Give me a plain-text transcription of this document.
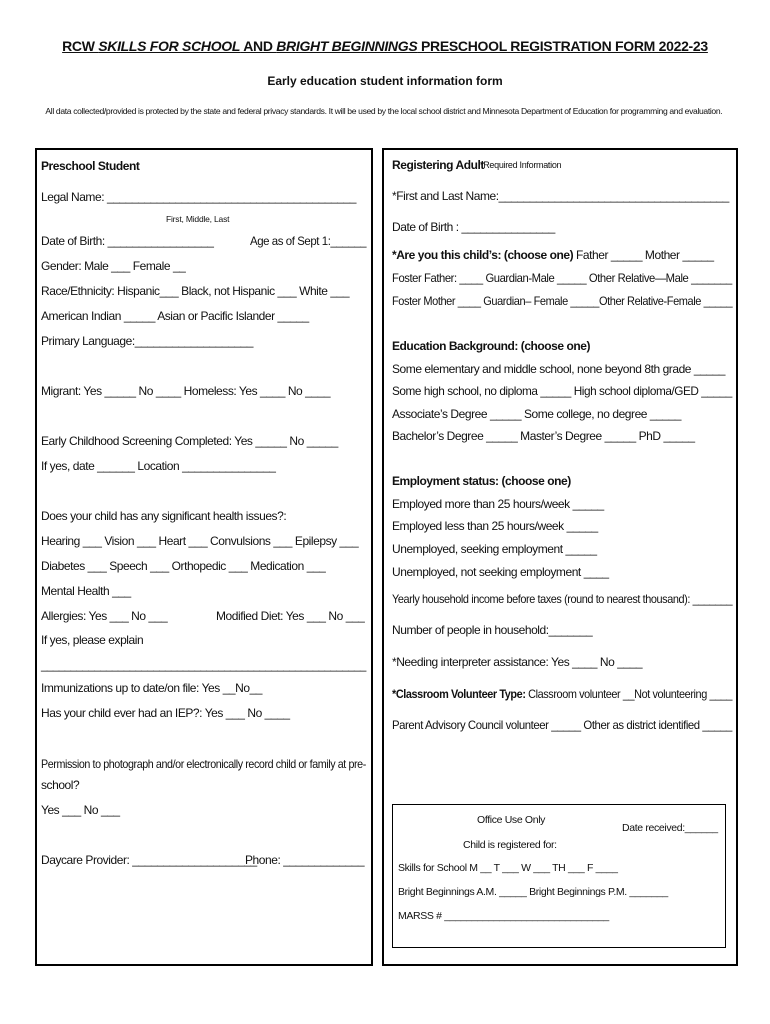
RCW SKILLS FOR SCHOOL AND BRIGHT BEGINNINGS PRESCHOOL REGISTRATION FORM 2022-23
Early education student information form
All data collected/provided is protected by the state and federal privacy standards. It will be used by the local school district and Minnesota Department of Education for programming and evaluation.
Preschool Student
Legal Name: ________________________________________
First, Middle, Last
Date of Birth: _________________	Age as of Sept 1:______
Gender: Male ___ Female __
Race/Ethnicity: Hispanic___ Black, not Hispanic ___ White ___
American Indian _____ Asian or Pacific Islander _____
Primary Language:___________________
Migrant: Yes _____ No ____ Homeless: Yes ____ No ____
Early Childhood Screening Completed: Yes _____ No _____
If yes, date ______ Location _______________
Does your child has any significant health issues?:
Hearing ___ Vision ___ Heart ___ Convulsions ___ Epilepsy ___
Diabetes ___ Speech ___ Orthopedic ___ Medication ___
Mental Health ___
Allergies: Yes ___ No ___	Modified Diet: Yes ___ No ___
If yes, please explain
_______________________________________________________
Immunizations up to date/on file: Yes __No__
Has your child ever had an IEP?: Yes ___ No ____
Permission to photograph and/or electronically record child or family at pre-
school?
Yes ___ No ___
Daycare Provider: ____________________
Phone: _____________
Registering Adult
*Required Information
*First and Last Name:_____________________________________
Date of Birth : _______________
*Are you this child’s: (choose one) Father _____ Mother _____
Foster Father: ____ Guardian-Male _____ Other Relative—Male _______
Foster Mother ____ Guardian– Female _____Other Relative-Female _____
Education Background: (choose one)
Some elementary and middle school, none beyond 8th grade _____
Some high school, no diploma _____ High school diploma/GED _____
Associate’s Degree _____ Some college, no degree _____
Bachelor’s Degree _____ Master’s Degree _____ PhD _____
Employment status: (choose one)
Employed more than 25 hours/week _____
Employed less than 25 hours/week _____
Unemployed, seeking employment _____
Unemployed, not seeking employment ____
Yearly household income before taxes (round to nearest thousand): _______
Number of people in household:_______
*Needing interpreter assistance: Yes ____ No ____
*Classroom Volunteer Type: Classroom volunteer __Not volunteering ____
Parent Advisory Council volunteer _____ Other as district identified _____
Office Use Only
Date received:______
Child is registered for:
Skills for School M __ T ___ W ___ TH ___ F ____
Bright Beginnings A.M. _____ Bright Beginnings P.M. _______
MARSS # ______________________________
